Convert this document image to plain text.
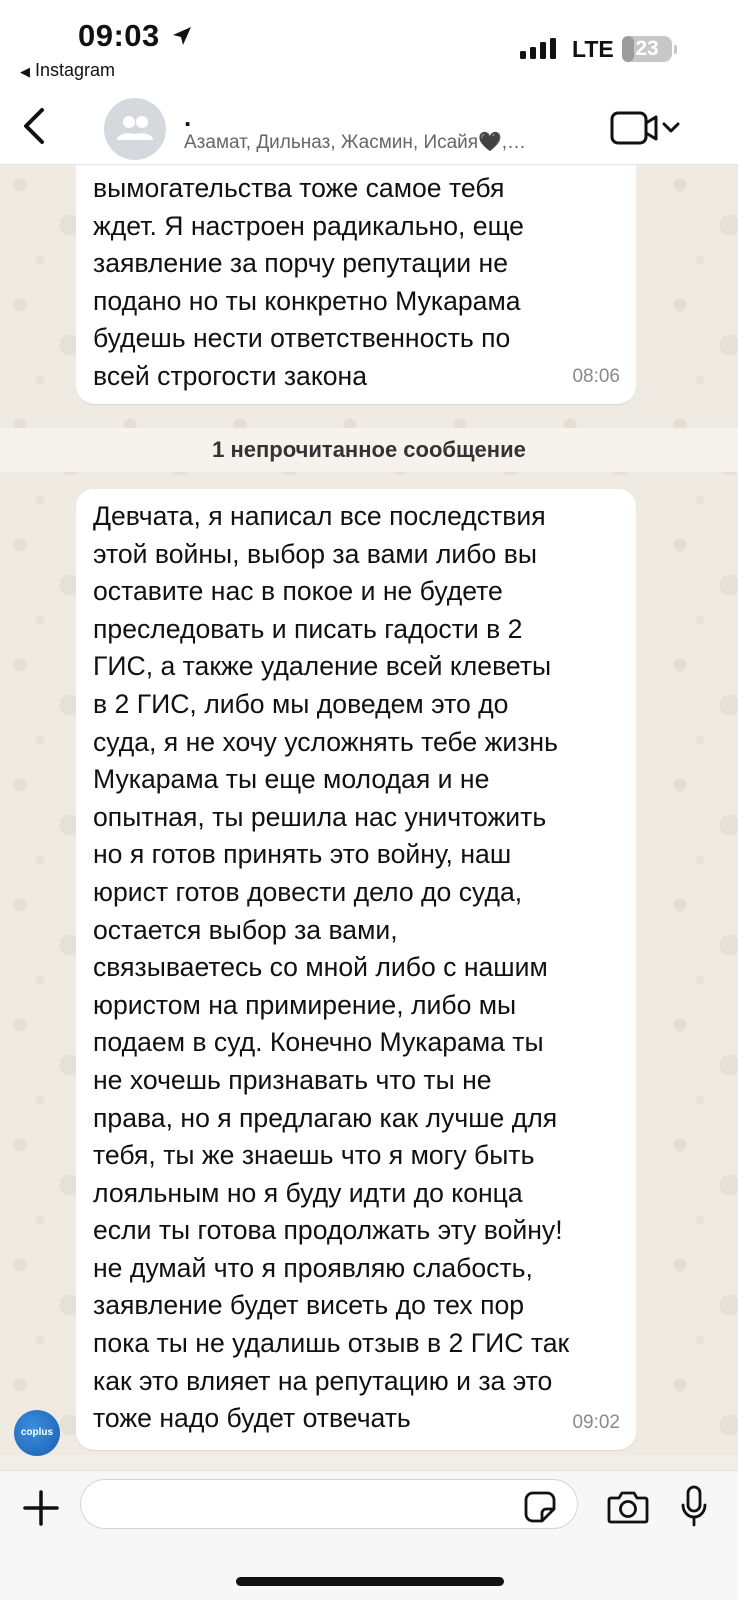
09:03
◀ Instagram
LTE	23
.
Азамат, Дильназ, Жасмин, Исайя🖤,…
вымогательства тоже самое тебя
ждет. Я настроен радикально, еще
заявление за порчу репутации не
подано но ты конкретно Мукарама
будешь нести ответственность по
всей строгости закона	08:06
1 непрочитанное сообщение
Девчата, я написал все последствия
этой войны, выбор за вами либо вы
оставите нас в покое и не будете
преследовать и писать гадости в 2
ГИС, а также удаление всей клеветы
в 2 ГИС, либо мы доведем это до
суда, я не хочу усложнять тебе жизнь
Мукарама ты еще молодая и не
опытная, ты решила нас уничтожить
но я готов принять это войну, наш
юрист готов довести дело до суда,
остается выбор за вами,
связываетесь со мной либо с нашим
юристом на примирение, либо мы
подаем в суд. Конечно Мукарама ты
не хочешь признавать что ты не
права, но я предлагаю как лучше для
тебя, ты же знаешь что я могу быть
лояльным но я буду идти до конца
если ты готова продолжать эту войну!
не думай что я проявляю слабость,
заявление будет висеть до тех пор
пока ты не удалишь отзыв в 2 ГИС так
как это влияет на репутацию и за это
тоже надо будет отвечать	09:02
coplus
